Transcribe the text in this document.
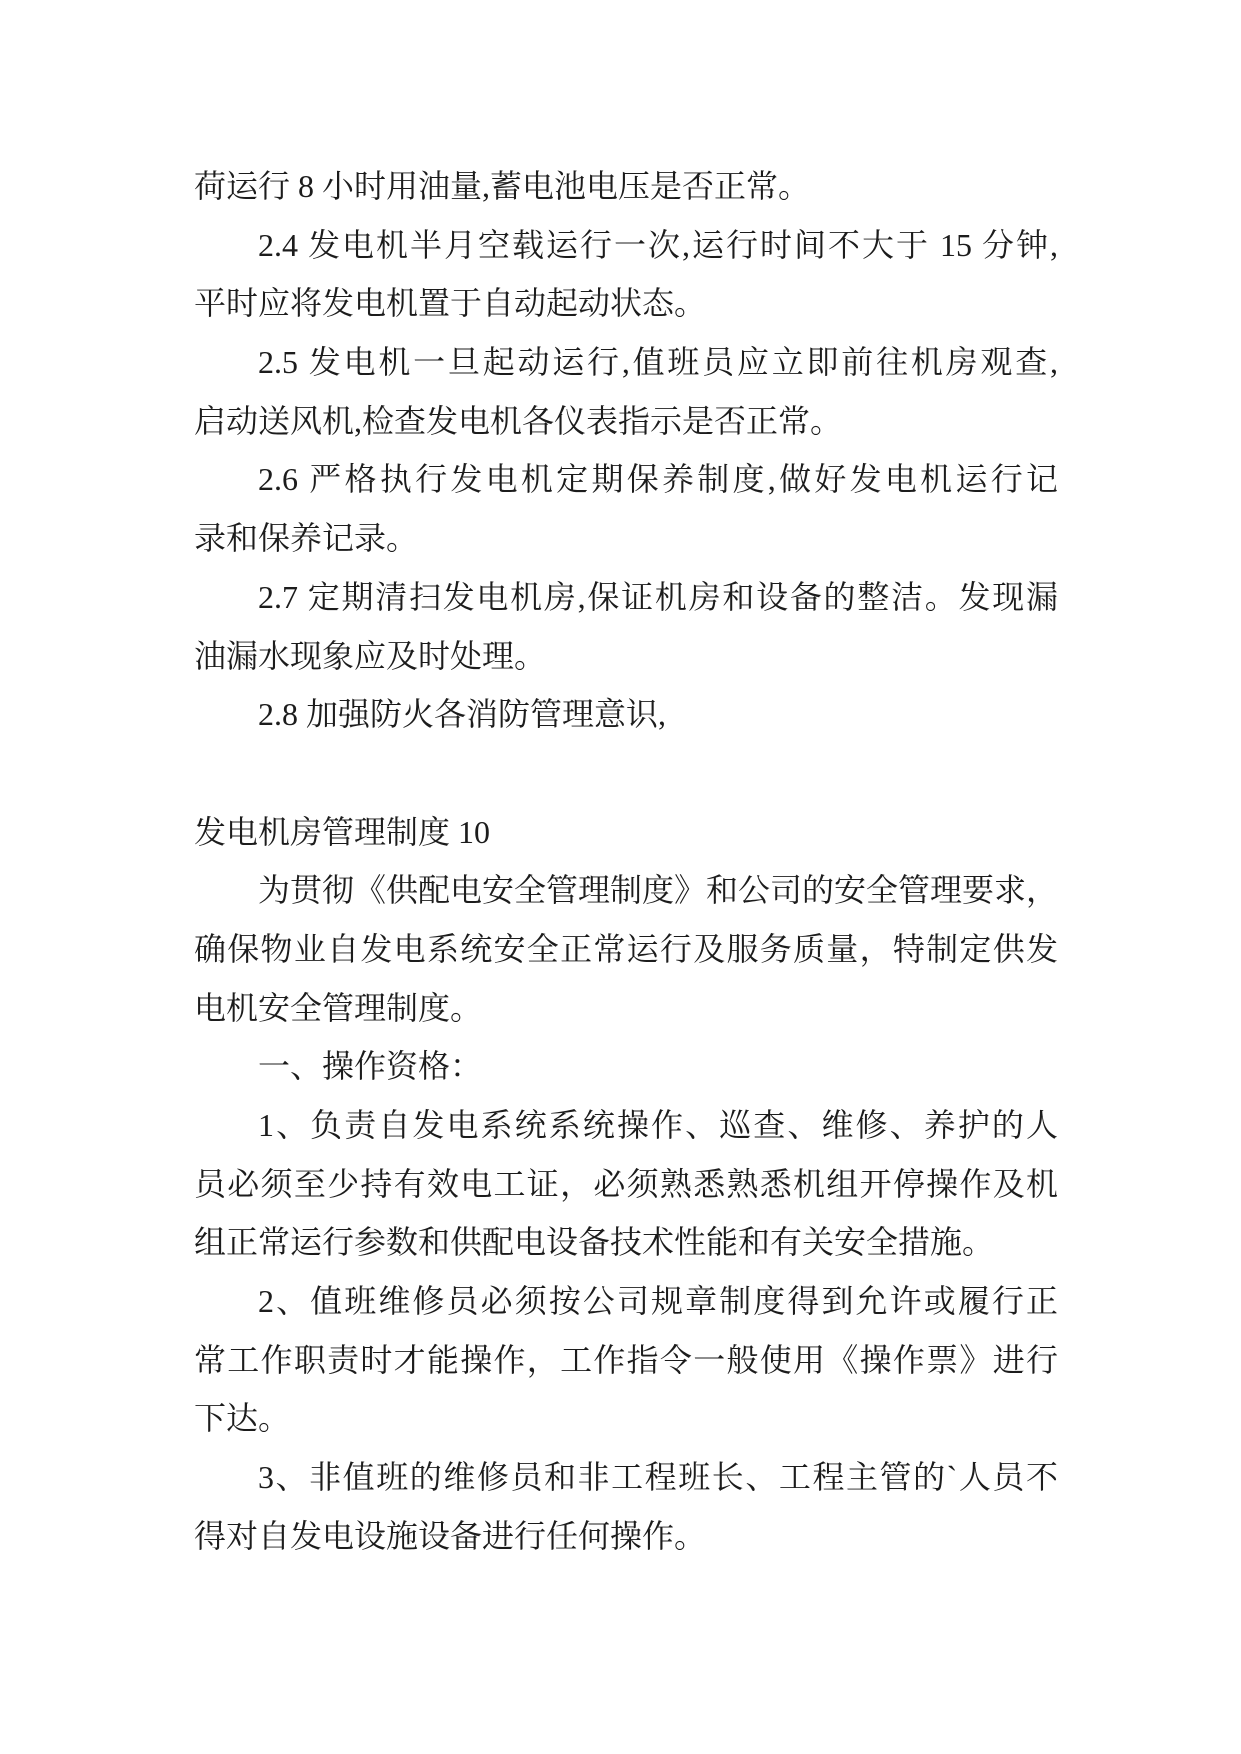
荷运行 8 小时用油量,蓄电池电压是否正常。
2.4 发电机半月空载运行一次,运行时间不大于 15 分钟,
平时应将发电机置于自动起动状态。
2.5 发电机一旦起动运行,值班员应立即前往机房观查,
启动送风机,检查发电机各仪表指示是否正常。
2.6 严格执行发电机定期保养制度,做好发电机运行记
录和保养记录。
2.7 定期清扫发电机房,保证机房和设备的整洁。发现漏
油漏水现象应及时处理。
2.8 加强防火各消防管理意识,
发电机房管理制度 10
为贯彻《供配电安全管理制度》和公司的安全管理要求，
确保物业自发电系统安全正常运行及服务质量，特制定供发
电机安全管理制度。
一、操作资格：
1、负责自发电系统系统操作、巡查、维修、养护的人
员必须至少持有效电工证，必须熟悉熟悉机组开停操作及机
组正常运行参数和供配电设备技术性能和有关安全措施。
2、值班维修员必须按公司规章制度得到允许或履行正
常工作职责时才能操作，工作指令一般使用《操作票》进行
下达。
3、非值班的维修员和非工程班长、工程主管的`人员不
得对自发电设施设备进行任何操作。
